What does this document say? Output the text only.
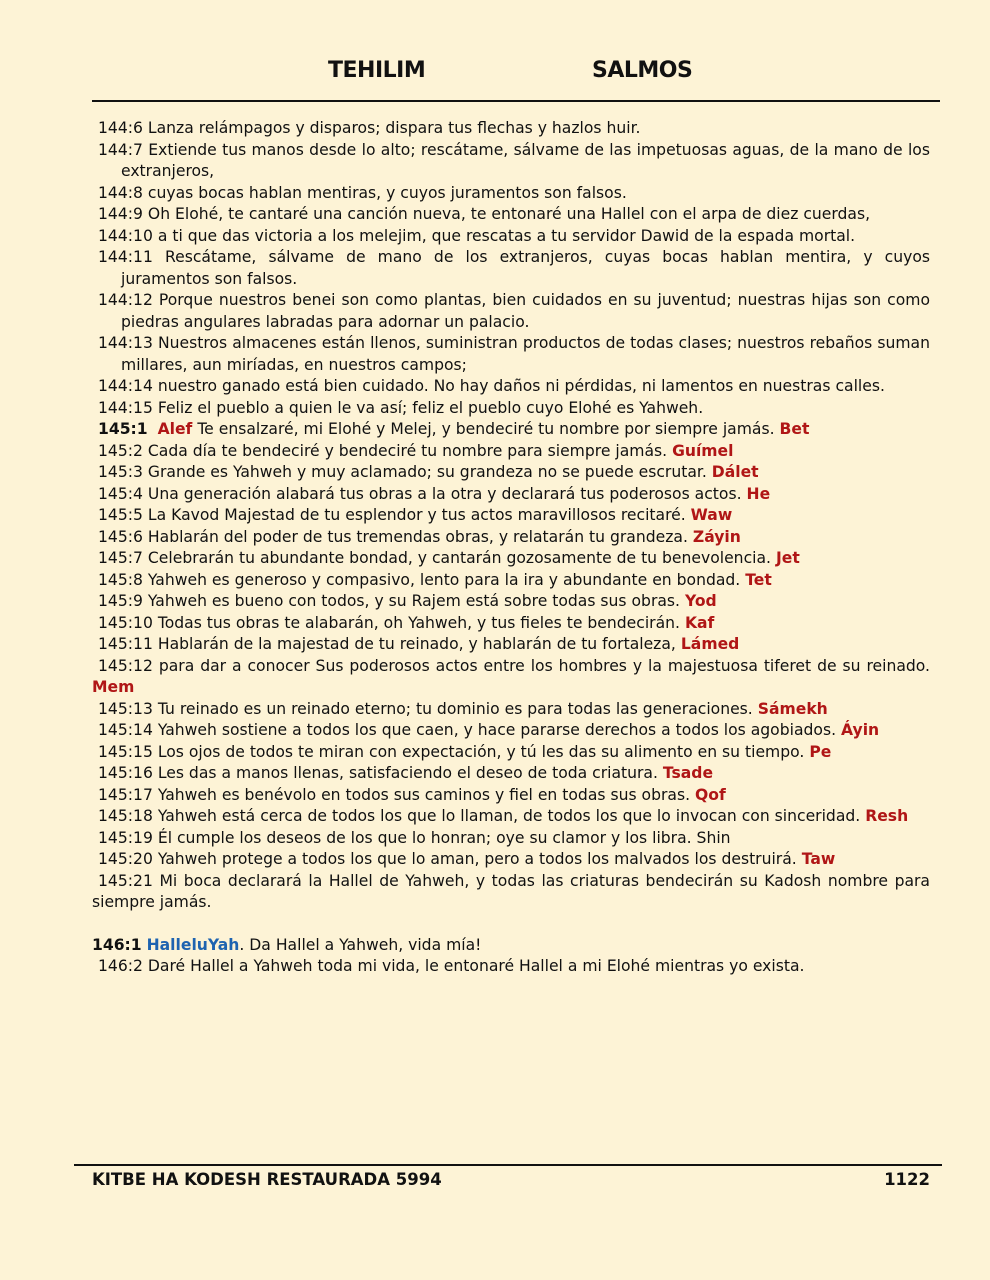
TEHILIM	SALMOS
144:6 Lanza relámpagos y disparos; dispara tus flechas y hazlos huir.
144:7 Extiende tus manos desde lo alto; rescátame, sálvame de las impetuosas aguas, de la mano de los extranjeros,
144:8 cuyas bocas hablan mentiras, y cuyos juramentos son falsos.
144:9 Oh Elohé, te cantaré una canción nueva, te entonaré una Hallel con el arpa de diez cuerdas,
144:10 a ti que das victoria a los melejim, que rescatas a tu servidor Dawid de la espada mortal.
144:11 Rescátame, sálvame de mano de los extranjeros, cuyas bocas hablan mentira, y cuyos juramentos son falsos.
144:12 Porque nuestros benei son como plantas, bien cuidados en su juventud; nuestras hijas son como piedras angulares labradas para adornar un palacio.
144:13 Nuestros almacenes están llenos, suministran productos de todas clases; nuestros rebaños suman millares, aun miríadas, en nuestros campos;
144:14 nuestro ganado está bien cuidado. No hay daños ni pérdidas, ni lamentos en nuestras calles.
144:15 Feliz el pueblo a quien le va así; feliz el pueblo cuyo Elohé es Yahweh.
145:1 Alef Te ensalzaré, mi Elohé y Melej, y bendeciré tu nombre por siempre jamás. Bet
145:2 Cada día te bendeciré y bendeciré tu nombre para siempre jamás. Guímel
145:3 Grande es Yahweh y muy aclamado; su grandeza no se puede escrutar. Dálet
145:4 Una generación alabará tus obras a la otra y declarará tus poderosos actos. He
145:5 La Kavod Majestad de tu esplendor y tus actos maravillosos recitaré. Waw
145:6 Hablarán del poder de tus tremendas obras, y relatarán tu grandeza. Záyin
145:7 Celebrarán tu abundante bondad, y cantarán gozosamente de tu benevolencia. Jet
145:8 Yahweh es generoso y compasivo, lento para la ira y abundante en bondad. Tet
145:9 Yahweh es bueno con todos, y su Rajem está sobre todas sus obras. Yod
145:10 Todas tus obras te alabarán, oh Yahweh, y tus fieles te bendecirán. Kaf
145:11 Hablarán de la majestad de tu reinado, y hablarán de tu fortaleza, Lámed
145:12 para dar a conocer Sus poderosos actos entre los hombres y la majestuosa tiferet de su reinado. Mem
145:13 Tu reinado es un reinado eterno; tu dominio es para todas las generaciones. Sámekh
145:14 Yahweh sostiene a todos los que caen, y hace pararse derechos a todos los agobiados. Áyin
145:15 Los ojos de todos te miran con expectación, y tú les das su alimento en su tiempo. Pe
145:16 Les das a manos llenas, satisfaciendo el deseo de toda criatura. Tsade
145:17 Yahweh es benévolo en todos sus caminos y fiel en todas sus obras. Qof
145:18 Yahweh está cerca de todos los que lo llaman, de todos los que lo invocan con sinceridad. Resh
145:19 Él cumple los deseos de los que lo honran; oye su clamor y los libra. Shin
145:20 Yahweh protege a todos los que lo aman, pero a todos los malvados los destruirá. Taw
145:21 Mi boca declarará la Hallel de Yahweh, y todas las criaturas bendecirán su Kadosh nombre para siempre jamás.
146:1 HalleluYah. Da Hallel a Yahweh, vida mía!
146:2 Daré Hallel a Yahweh toda mi vida, le entonaré Hallel a mi Elohé mientras yo exista.
KITBE HA KODESH RESTAURADA 5994	1122
